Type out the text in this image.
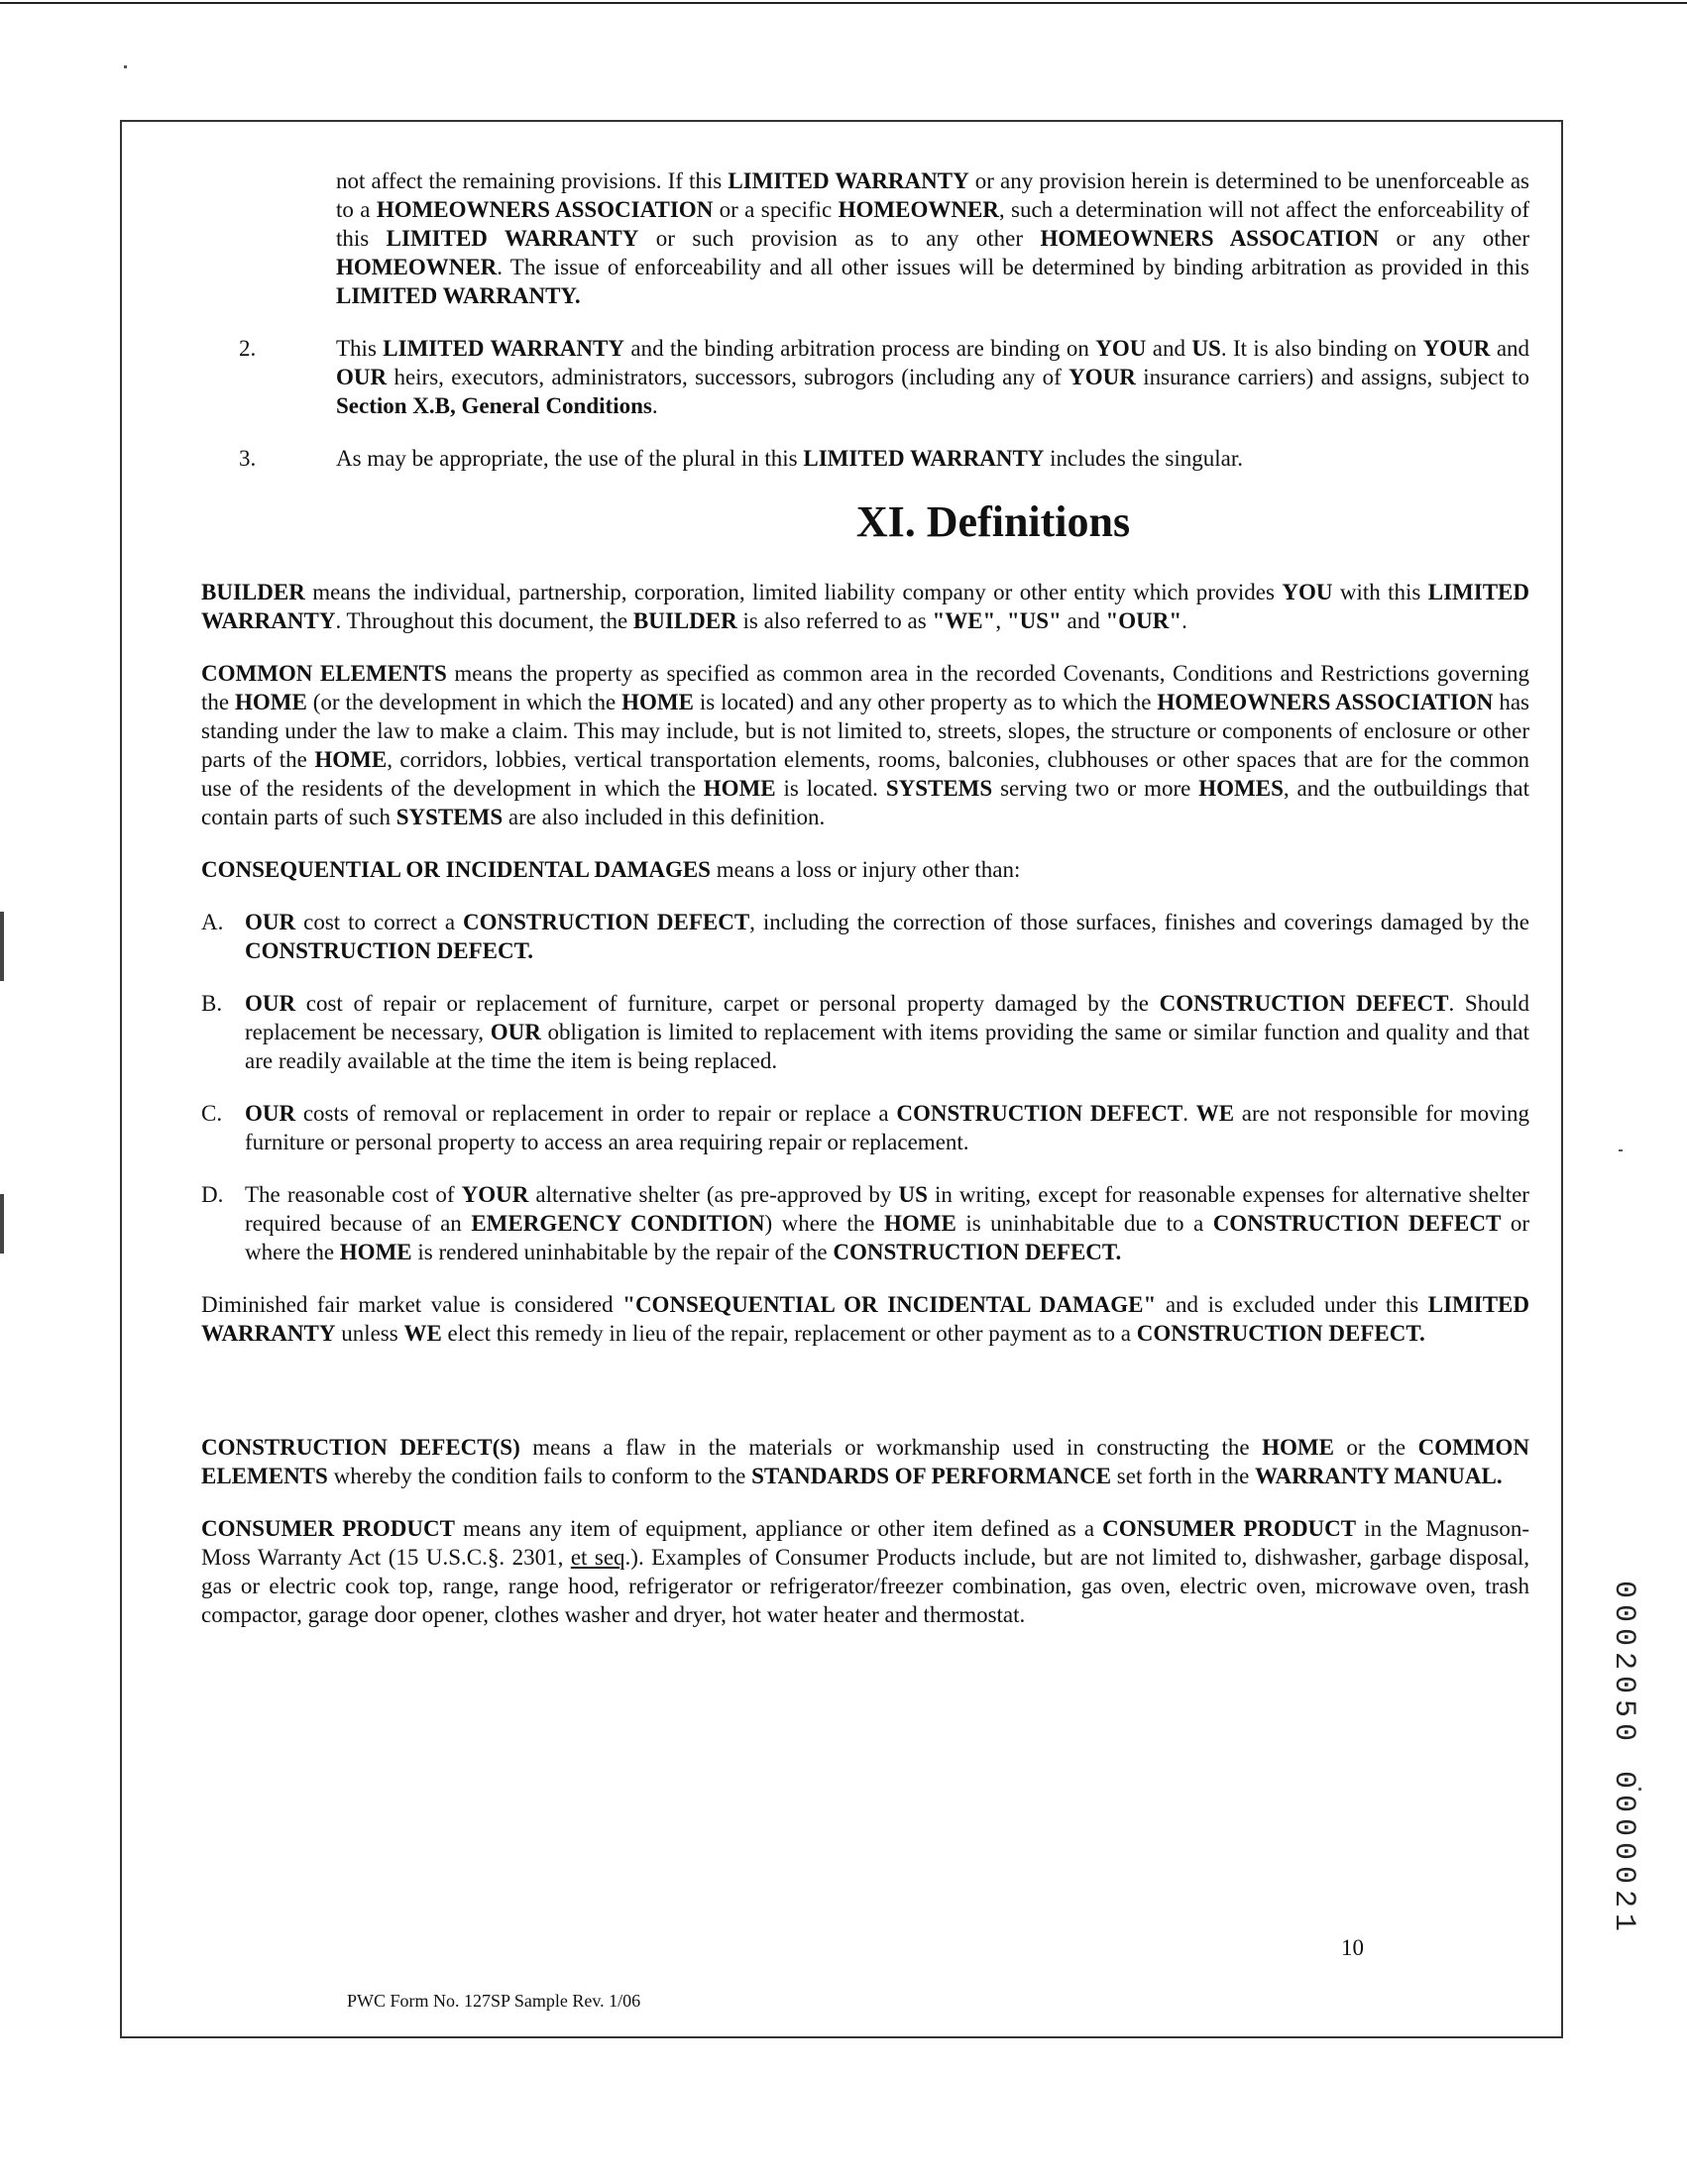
not affect the remaining provisions. If this LIMITED WARRANTY or any provision herein is determined to be unenforceable as to a HOMEOWNERS ASSOCIATION or a specific HOMEOWNER, such a determination will not affect the enforceability of this LIMITED WARRANTY or such provision as to any other HOMEOWNERS ASSOCATION or any other HOMEOWNER. The issue of enforceability and all other issues will be determined by binding arbitration as provided in this LIMITED WARRANTY.

2.	This LIMITED WARRANTY and the binding arbitration process are binding on YOU and US. It is also binding on YOUR and OUR heirs, executors, administrators, successors, subrogors (including any of YOUR insurance carriers) and assigns, subject to Section X.B, General Conditions.

3.	As may be appropriate, the use of the plural in this LIMITED WARRANTY includes the singular.

XI. Definitions

BUILDER means the individual, partnership, corporation, limited liability company or other entity which provides YOU with this LIMITED WARRANTY. Throughout this document, the BUILDER is also referred to as "WE", "US" and "OUR".

COMMON ELEMENTS means the property as specified as common area in the recorded Covenants, Conditions and Restrictions governing the HOME (or the development in which the HOME is located) and any other property as to which the HOMEOWNERS ASSOCIATION has standing under the law to make a claim. This may include, but is not limited to, streets, slopes, the structure or components of enclosure or other parts of the HOME, corridors, lobbies, vertical transportation elements, rooms, balconies, clubhouses or other spaces that are for the common use of the residents of the development in which the HOME is located. SYSTEMS serving two or more HOMES, and the outbuildings that contain parts of such SYSTEMS are also included in this definition.

CONSEQUENTIAL OR INCIDENTAL DAMAGES means a loss or injury other than:

A. OUR cost to correct a CONSTRUCTION DEFECT, including the correction of those surfaces, finishes and coverings damaged by the CONSTRUCTION DEFECT.

B. OUR cost of repair or replacement of furniture, carpet or personal property damaged by the CONSTRUCTION DEFECT. Should replacement be necessary, OUR obligation is limited to replacement with items providing the same or similar function and quality and that are readily available at the time the item is being replaced.

C. OUR costs of removal or replacement in order to repair or replace a CONSTRUCTION DEFECT. WE are not responsible for moving furniture or personal property to access an area requiring repair or replacement.

D. The reasonable cost of YOUR alternative shelter (as pre-approved by US in writing, except for reasonable expenses for alternative shelter required because of an EMERGENCY CONDITION) where the HOME is uninhabitable due to a CONSTRUCTION DEFECT or where the HOME is rendered uninhabitable by the repair of the CONSTRUCTION DEFECT.

Diminished fair market value is considered "CONSEQUENTIAL OR INCIDENTAL DAMAGE" and is excluded under this LIMITED WARRANTY unless WE elect this remedy in lieu of the repair, replacement or other payment as to a CONSTRUCTION DEFECT.

CONSTRUCTION DEFECT(S) means a flaw in the materials or workmanship used in constructing the HOME or the COMMON ELEMENTS whereby the condition fails to conform to the STANDARDS OF PERFORMANCE set forth in the WARRANTY MANUAL.

CONSUMER PRODUCT means any item of equipment, appliance or other item defined as a CONSUMER PRODUCT in the Magnuson-Moss Warranty Act (15 U.S.C.§. 2301, et seq.). Examples of Consumer Products include, but are not limited to, dishwasher, garbage disposal, gas or electric cook top, range, range hood, refrigerator or refrigerator/freezer combination, gas oven, electric oven, microwave oven, trash compactor, garage door opener, clothes washer and dryer, hot water heater and thermostat.

10
PWC Form No. 127SP Sample Rev. 1/06
0002050 0000021
